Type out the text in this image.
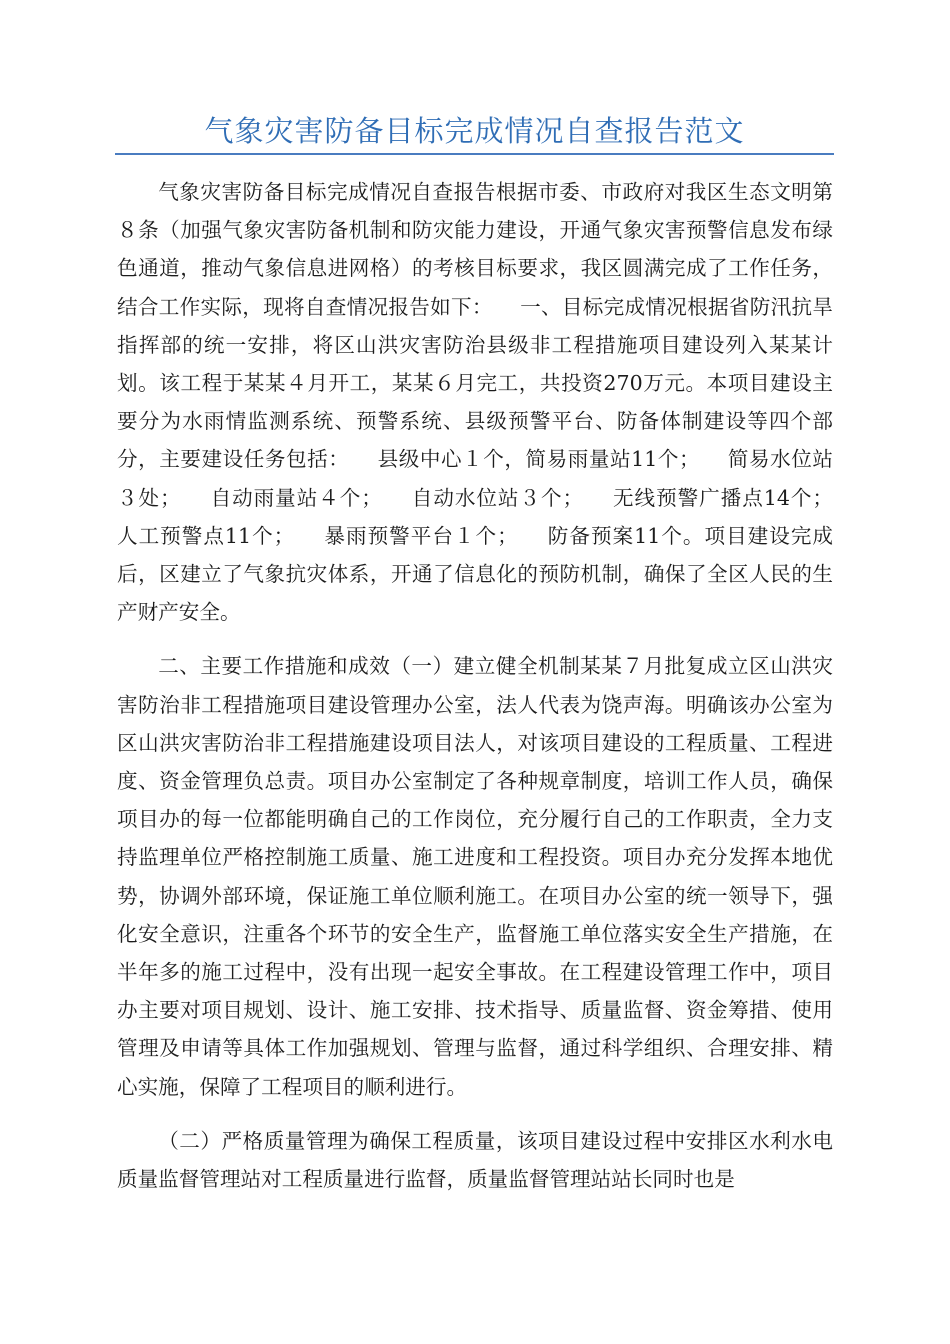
气象灾害防备目标完成情况自查报告范文

气象灾害防备目标完成情况自查报告根据市委、市政府对我区生态文明第８条（加强气象灾害防备机制和防灾能力建设，开通气象灾害预警信息发布绿色通道，推动气象信息进网格）的考核目标要求，我区圆满完成了工作任务，结合工作实际，现将自查情况报告如下：    一、目标完成情况根据省防汛抗旱指挥部的统一安排，将区山洪灾害防治县级非工程措施项目建设列入某某计划。该工程于某某４月开工，某某６月完工，共投资270万元。本项目建设主要分为水雨情监测系统、预警系统、县级预警平台、防备体制建设等四个部分，主要建设任务包括：    县级中心１个，简易雨量站11个；    简易水位站３处；    自动雨量站４个；    自动水位站３个；    无线预警广播点14个；    人工预警点11个；    暴雨预警平台１个；    防备预案11个。项目建设完成后，区建立了气象抗灾体系，开通了信息化的预防机制，确保了全区人民的生产财产安全。

二、主要工作措施和成效（一）建立健全机制某某７月批复成立区山洪灾害防治非工程措施项目建设管理办公室，法人代表为饶声海。明确该办公室为区山洪灾害防治非工程措施建设项目法人，对该项目建设的工程质量、工程进度、资金管理负总责。项目办公室制定了各种规章制度，培训工作人员，确保项目办的每一位都能明确自己的工作岗位，充分履行自己的工作职责，全力支持监理单位严格控制施工质量、施工进度和工程投资。项目办充分发挥本地优势，协调外部环境，保证施工单位顺利施工。在项目办公室的统一领导下，强化安全意识，注重各个环节的安全生产，监督施工单位落实安全生产措施，在半年多的施工过程中，没有出现一起安全事故。在工程建设管理工作中，项目办主要对项目规划、设计、施工安排、技术指导、质量监督、资金筹措、使用管理及申请等具体工作加强规划、管理与监督，通过科学组织、合理安排、精心实施，保障了工程项目的顺利进行。

（二）严格质量管理为确保工程质量，该项目建设过程中安排区水利水电质量监督管理站对工程质量进行监督，质量监督管理站站长同时也是
